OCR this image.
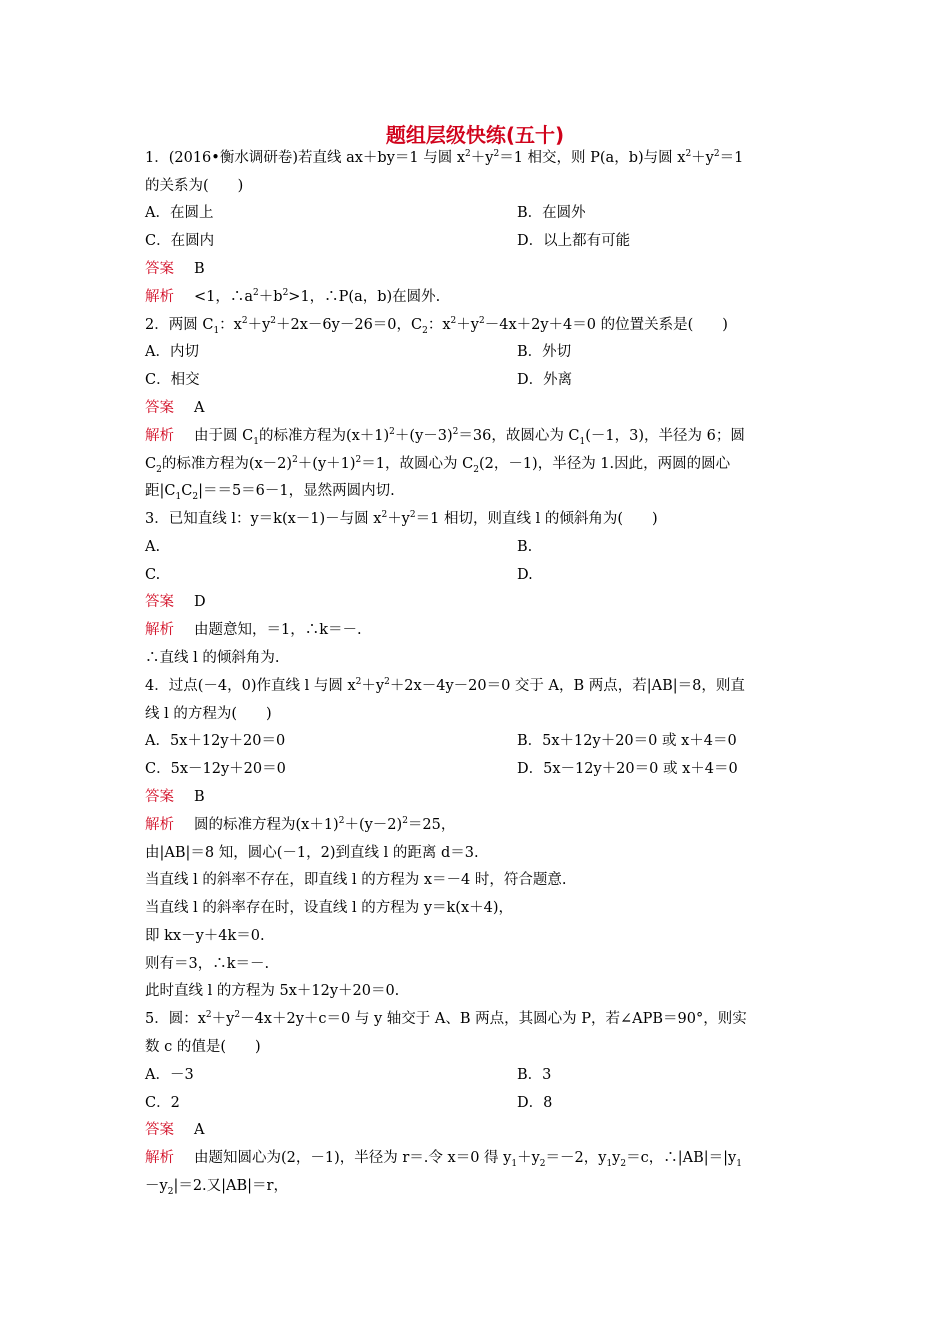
题组层级快练(五十)
1．(2016•衡水调研卷)若直线 ax＋by＝1 与圆 $x^2+y^2=1$ 相交，则 P(a，b)与圆 $x^2+y^2=1$
的关系为(　　)
A．在圆上	B．在圆外
C．在圆内	D．以上都有可能
答案 B
解析 <1，$\therefore a^2+b^2>1$，∴P(a，b)在圆外.
2．两圆 $C_1$：$x^2+y^2+2x-6y-26=0$，$C_2$：$x^2+y^2-4x+2y+4=0$ 的位置关系是(　　)
A．内切	B．外切
C．相交	D．外离
答案 A
解析 由于圆 $C_1$的标准方程为$(x+1)^2+(y-3)^2=36$，故圆心为 $C_1(-1$，3)，半径为 6；圆
$C_2$的标准方程为$(x-2)^2+(y+1)^2=1$，故圆心为 $C_2(2$，－1)，半径为 1.因此，两圆的圆心
距$|C_1C_2|==5=6-1$，显然两圆内切.
3．已知直线 l：y＝k(x－1)－与圆 $x^2+y^2=1$ 相切，则直线 l 的倾斜角为(　　)
A.	B.
C.	D.
答案 D
解析 由题意知，＝1，∴k＝－.
∴直线 l 的倾斜角为.
4．过点(－4，0)作直线 l 与圆 $x^2+y^2+2x-4y-20=0$ 交于 A，B 两点，若|AB|＝8，则直
线 l 的方程为(　　)
A．5x＋12y＋20＝0	B．5x＋12y＋20＝0 或 x＋4＝0
C．5x－12y＋20＝0	D．5x－12y＋20＝0 或 x＋4＝0
答案 B
解析 圆的标准方程为$(x+1)^2+(y-2)^2=25$，
由|AB|＝8 知，圆心(－1，2)到直线 l 的距离 d＝3.
当直线 l 的斜率不存在，即直线 l 的方程为 x＝－4 时，符合题意.
当直线 l 的斜率存在时，设直线 l 的方程为 y＝k(x＋4)，
即 kx－y＋4k＝0.
则有＝3，∴k＝－.
此时直线 l 的方程为 5x＋12y＋20＝0.
5．圆：$x^2+y^2-4x+2y+c=0$ 与 y 轴交于 A、B 两点，其圆心为 P，若∠APB＝90°，则实
数 c 的值是(　　)
A．－3	B．3
C．2	D．8
答案 A
解析 由题知圆心为(2，－1)，半径为 r＝.令 x＝0 得 $y_1+y_2=-2$，$y_1y_2=c$，$\therefore|AB|=|y_1$
$-y_2|=2$.又|AB|＝r，
